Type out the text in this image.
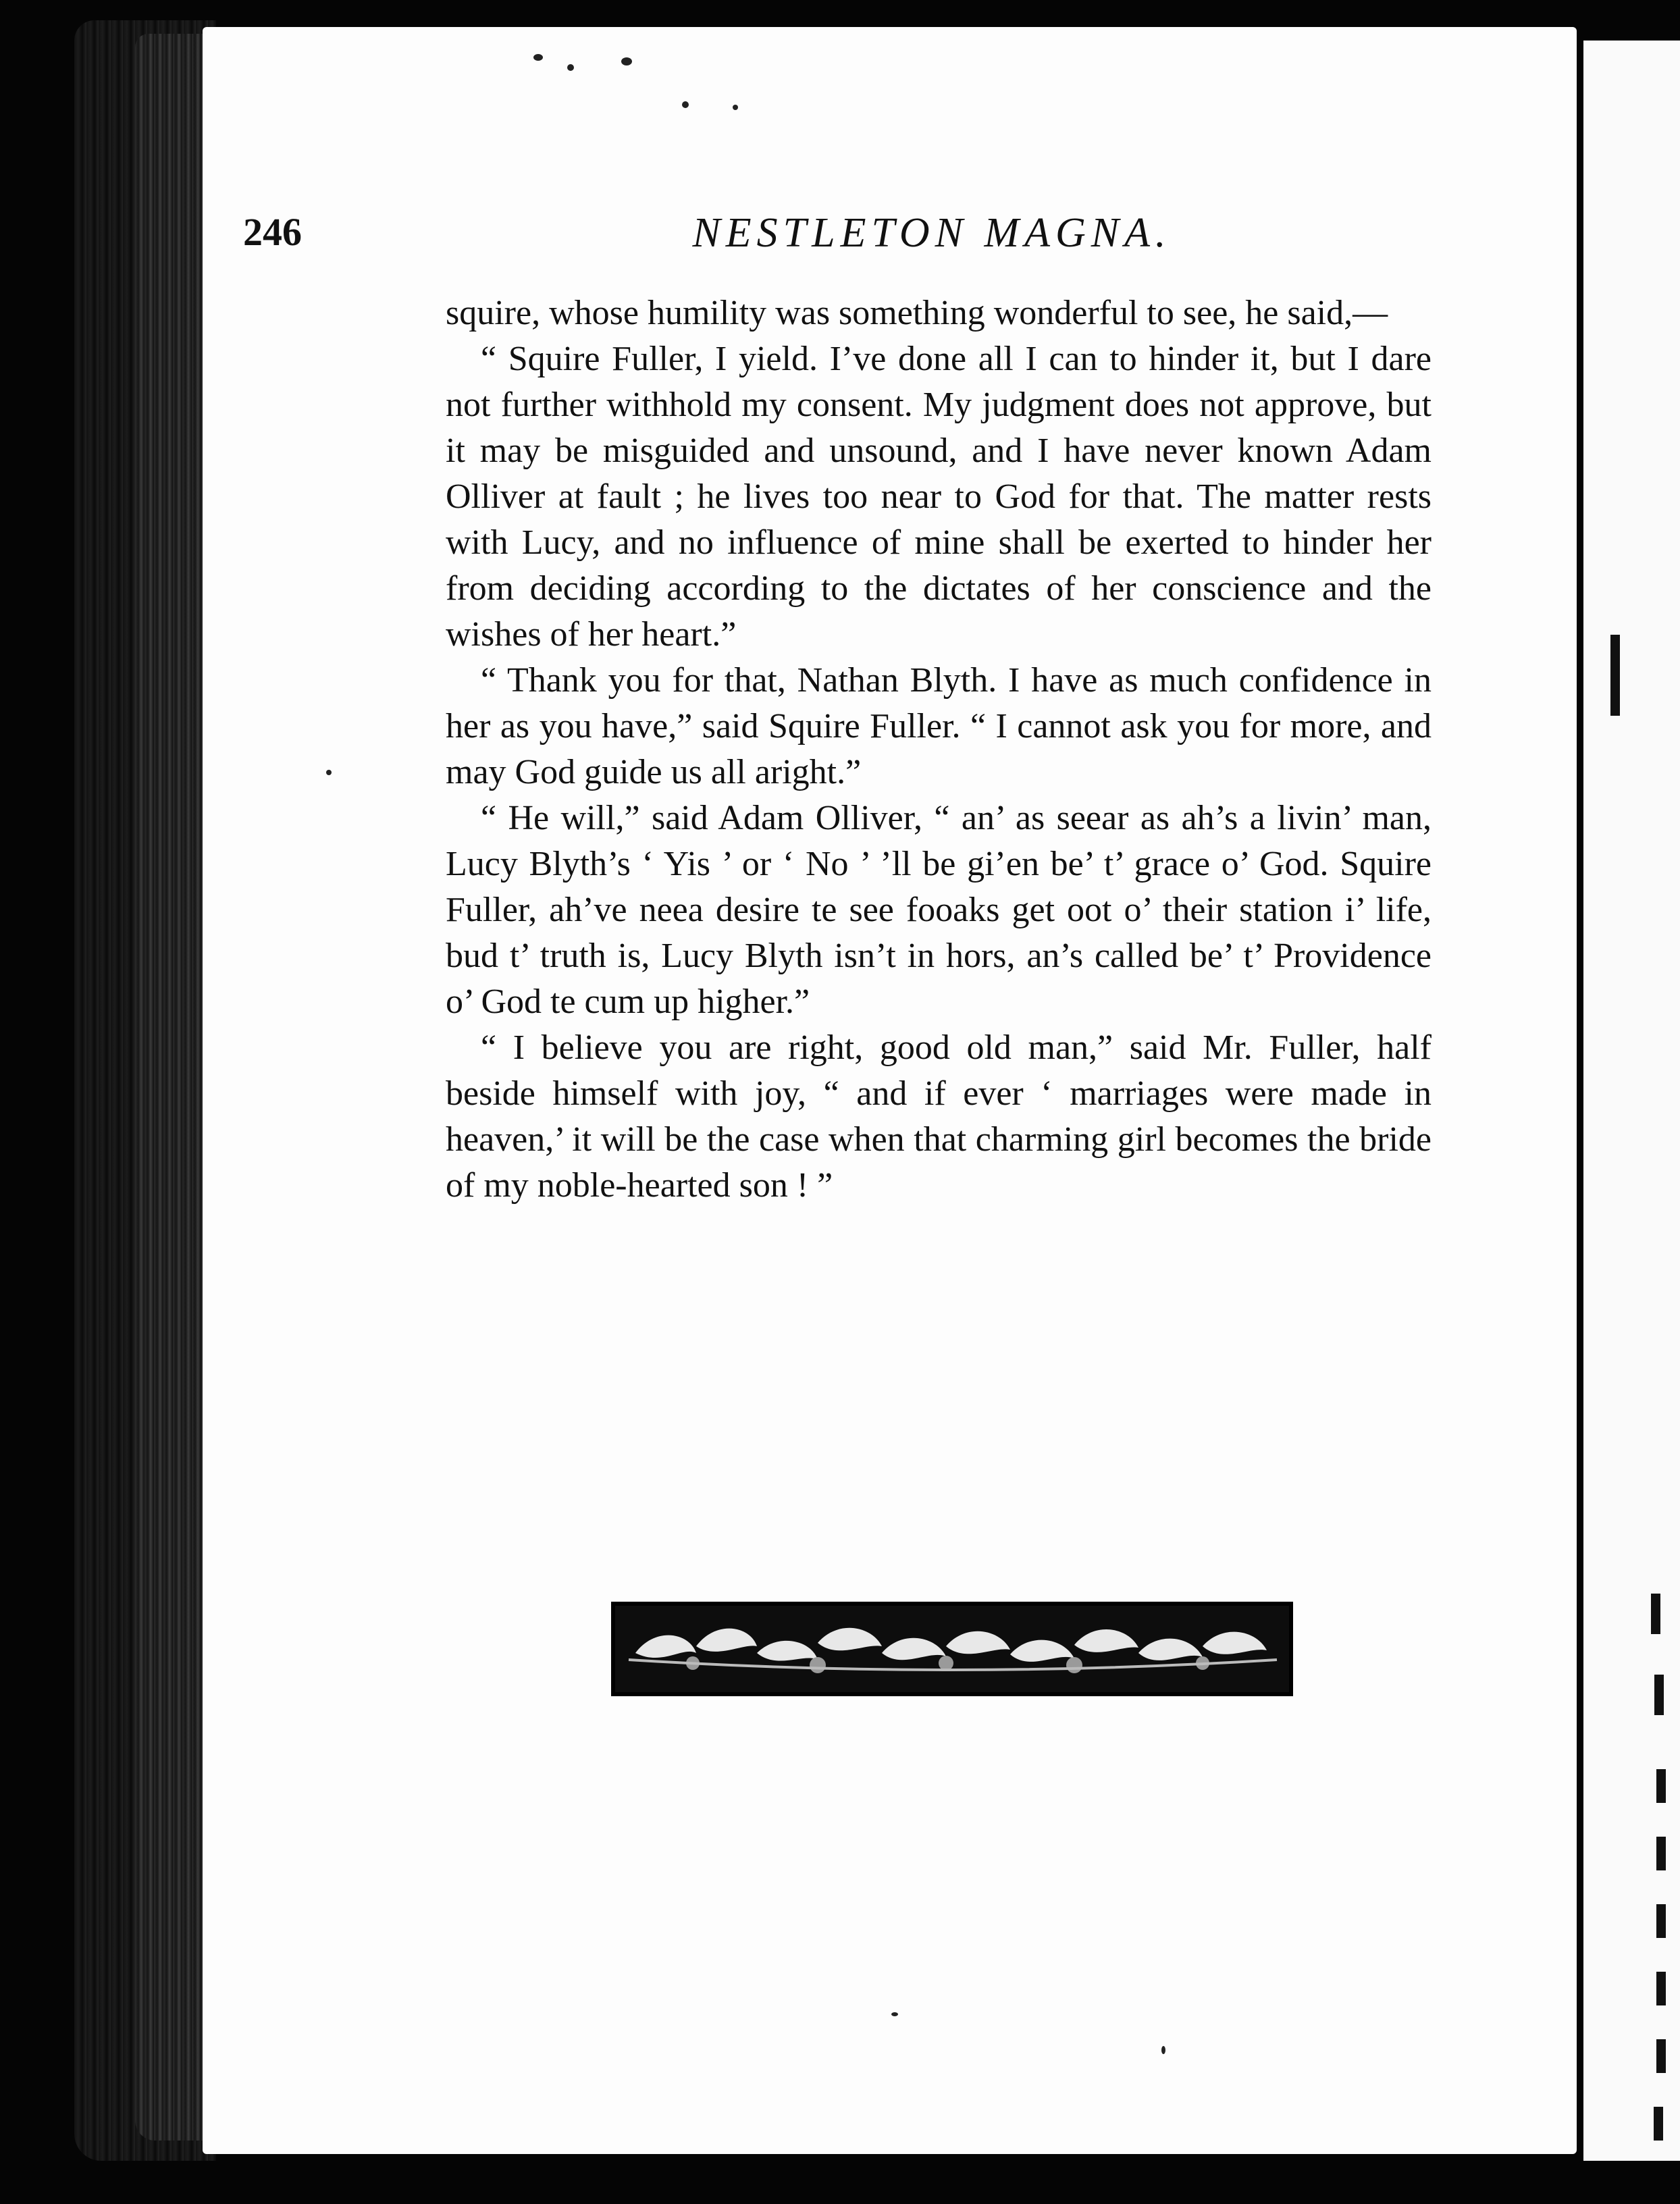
246	NESTLETON MAGNA.

squire, whose humility was something wonderful to see, he said,—

“ Squire Fuller, I yield. I’ve done all I can to hinder it, but I dare not further withhold my consent. My judgment does not approve, but it may be misguided and unsound, and I have never known Adam Olliver at fault ; he lives too near to God for that. The matter rests with Lucy, and no influence of mine shall be exerted to hinder her from deciding according to the dictates of her conscience and the wishes of her heart.”

“ Thank you for that, Nathan Blyth. I have as much confidence in her as you have,” said Squire Fuller. “ I cannot ask you for more, and may God guide us all aright.”

“ He will,” said Adam Olliver, “ an’ as seear as ah’s a livin’ man, Lucy Blyth’s ‘ Yis ’ or ‘ No ’ ’ll be gi’en be’ t’ grace o’ God. Squire Fuller, ah’ve neea desire te see fooaks get oot o’ their station i’ life, bud t’ truth is, Lucy Blyth isn’t in hors, an’s called be’ t’ Providence o’ God te cum up higher.”

“ I believe you are right, good old man,” said Mr. Fuller, half beside himself with joy, “ and if ever ‘ marriages were made in heaven,’ it will be the case when that charming girl becomes the bride of my noble-hearted son ! ”
